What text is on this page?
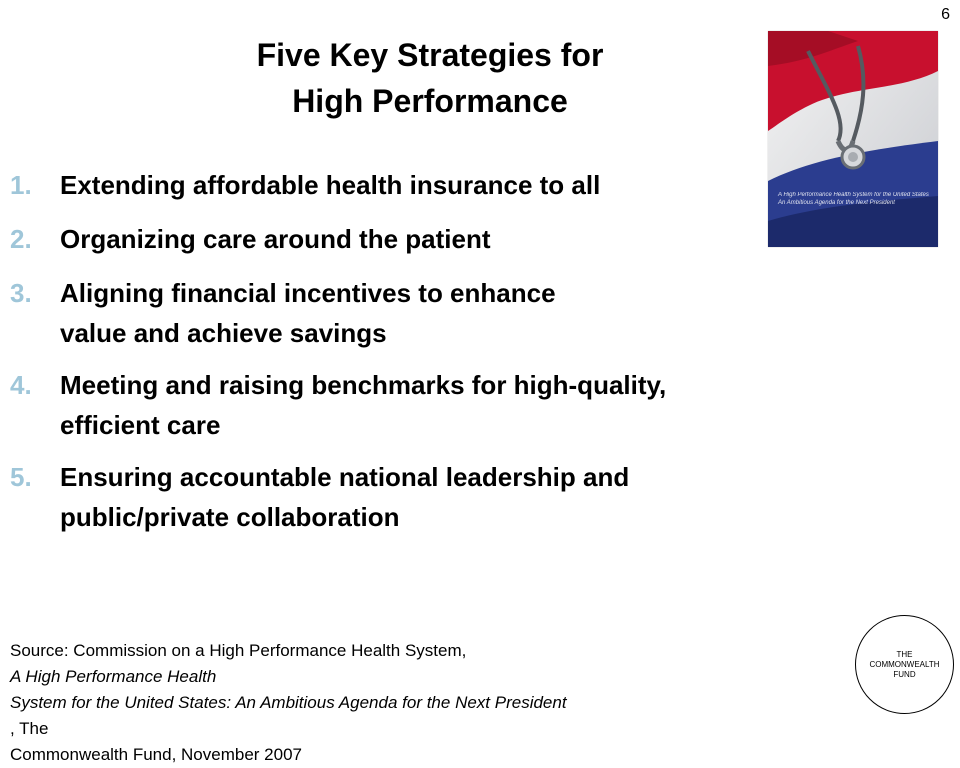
6
Five Key Strategies for
High Performance
A High Performance Health System for the United States
An Ambitious Agenda for the Next President
1.	Extending affordable health insurance to all
2.	Organizing care around the patient
3.	Aligning financial incentives to enhance
value and achieve savings
4.	Meeting and raising benchmarks for high-quality,
efficient care
5.	Ensuring accountable national leadership and
public/private collaboration

Source: Commission on a High Performance Health System,
A High Performance Health
System for the United States: An Ambitious Agenda for the Next President
, The
Commonwealth Fund, November 2007

THE
COMMONWEALTH
FUND
